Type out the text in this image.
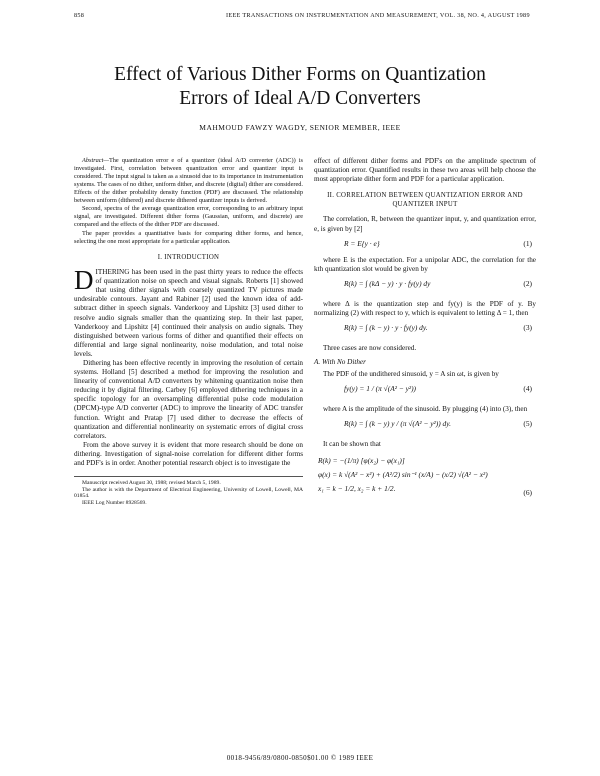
858	IEEE TRANSACTIONS ON INSTRUMENTATION AND MEASUREMENT, VOL. 38, NO. 4, AUGUST 1989
Effect of Various Dither Forms on Quantization
Errors of Ideal A/D Converters
MAHMOUD FAWZY WAGDY, SENIOR MEMBER, IEEE

Abstract—The quantization error e of a quantizer (ideal A/D converter (ADC)) is investigated. First, correlation between quantization error and quantizer input is considered. The input signal is taken as a sinusoid due to its importance in instrumentation systems. The cases of no dither, uniform dither, and discrete (digital) dither are considered. Effects of the dither probability density function (PDF) are discussed. The relationship between uniform (dithered) and discrete dithered quantizer inputs is derived.

Second, spectra of the average quantization error, corresponding to an arbitrary input signal, are investigated. Different dither forms (Gaussian, uniform, and discrete) are compared and the effects of the dither PDF are discussed.

The paper provides a quantitative basis for comparing dither forms, and hence, selecting the one most appropriate for a particular application.

I. INTRODUCTION

DITHERING has been used in the past thirty years to reduce the effects of quantization noise on speech and visual signals. Roberts [1] showed that using dither signals with coarsely quantized TV pictures made undesirable contours. Jayant and Rabiner [2] used the known idea of add-subtract dither in speech signals. Vanderkooy and Lipshitz [3] used dither to resolve audio signals smaller than the quantizing step. In their last paper, Vanderkooy and Lipshitz [4] continued their analysis on audio signals. They distinguished between various forms of dither and quantified their effects on differential and large signal nonlinearity, noise modulation, and total noise levels.

Dithering has been effective recently in improving the resolution of certain systems. Holland [5] described a method for improving the resolution and linearity of conventional A/D converters by whitening quantization noise then reducing it by digital filtering. Carbey [6] employed dithering techniques in a specific topology for an oversampling differential pulse code modulation (DPCM)-type A/D converter (ADC) to improve the linearity of ADC transfer function. Wright and Pratap [7] used dither to decrease the effects of quantization and differential nonlinearity on systematic errors of digital cross correlators.

From the above survey it is evident that more research should be done on dithering. Investigation of signal-noise correlation for different dither forms and PDF's is in order. Another potential research object is to investigate the

Manuscript received August 30, 1988; revised March 5, 1989.

The author is with the Department of Electrical Engineering, University of Lowell, Lowell, MA 01854.

IEEE Log Number 8928569.

effect of different dither forms and PDF's on the amplitude spectrum of quantization error. Quantified results in these two areas will help choose the most appropriate dither form and PDF for a particular application.

II. CORRELATION BETWEEN QUANTIZATION ERROR AND
QUANTIZER INPUT

The correlation, R, between the quantizer input, y, and quantization error, e, is given by [2]

R = E{y · e}	(1)

where E is the expectation. For a unipolar ADC, the correlation for the kth quantization slot would be given by

R(k) = ∫ (kΔ − y) · y · fy(y) dy	(2)

where Δ is the quantization step and fy(y) is the PDF of y. By normalizing (2) with respect to y, which is equivalent to letting Δ = 1, then

R(k) = ∫ (k − y) · y · fy(y) dy.	(3)

Three cases are now considered.

A. With No Dither

The PDF of the undithered sinusoid, y = A sin ωt, is given by

fy(y) = 1 / (π √(A² − y²))	(4)

where A is the amplitude of the sinusoid. By plugging (4) into (3), then

R(k) = ∫ (k − y) y / (π √(A² − y²)) dy.	(5)

It can be shown that

R(k) = −(1/π) [φ(x₂) − φ(x₁)]
φ(x) = k √(A² − x²) + (A²/2) sin⁻¹ (x/A) − (x/2) √(A² − x²)
x₁ = k − 1/2, x₂ = k + 1/2.
(6)
0018-9456/89/0800-0850$01.00 © 1989 IEEE
